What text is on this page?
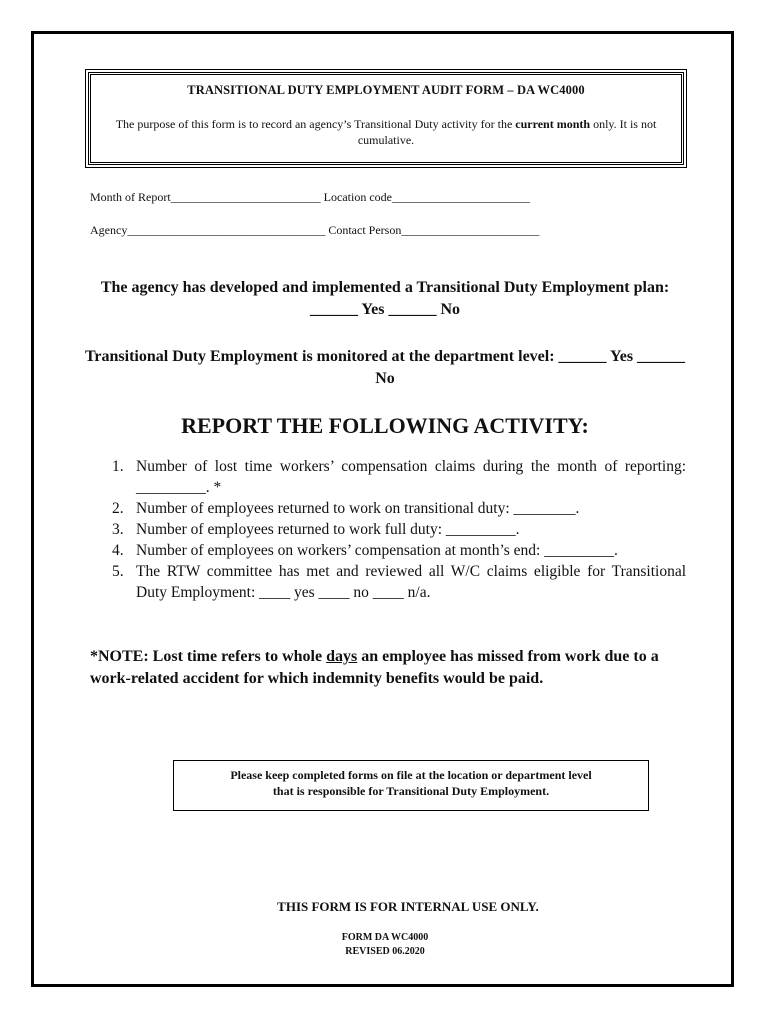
TRANSITIONAL DUTY EMPLOYMENT AUDIT FORM – DA WC4000
The purpose of this form is to record an agency’s Transitional Duty activity for the current month only. It is not cumulative.
Month of Report_________________________ Location code_______________________
Agency_________________________________ Contact Person_______________________
The agency has developed and implemented a Transitional Duty Employment plan: ______ Yes ______ No
Transitional Duty Employment is monitored at the department level: ______ Yes ______ No
REPORT THE FOLLOWING ACTIVITY:
1. Number of lost time workers’ compensation claims during the month of reporting: _________. *
2. Number of employees returned to work on transitional duty: ________.
3. Number of employees returned to work full duty: _________.
4. Number of employees on workers’ compensation at month’s end: _________.
5. The RTW committee has met and reviewed all W/C claims eligible for Transitional Duty Employment: ____ yes ____ no ____ n/a.
*NOTE: Lost time refers to whole days an employee has missed from work due to a work-related accident for which indemnity benefits would be paid.
Please keep completed forms on file at the location or department level
that is responsible for Transitional Duty Employment.
THIS FORM IS FOR INTERNAL USE ONLY.
FORM DA WC4000
REVISED 06.2020
